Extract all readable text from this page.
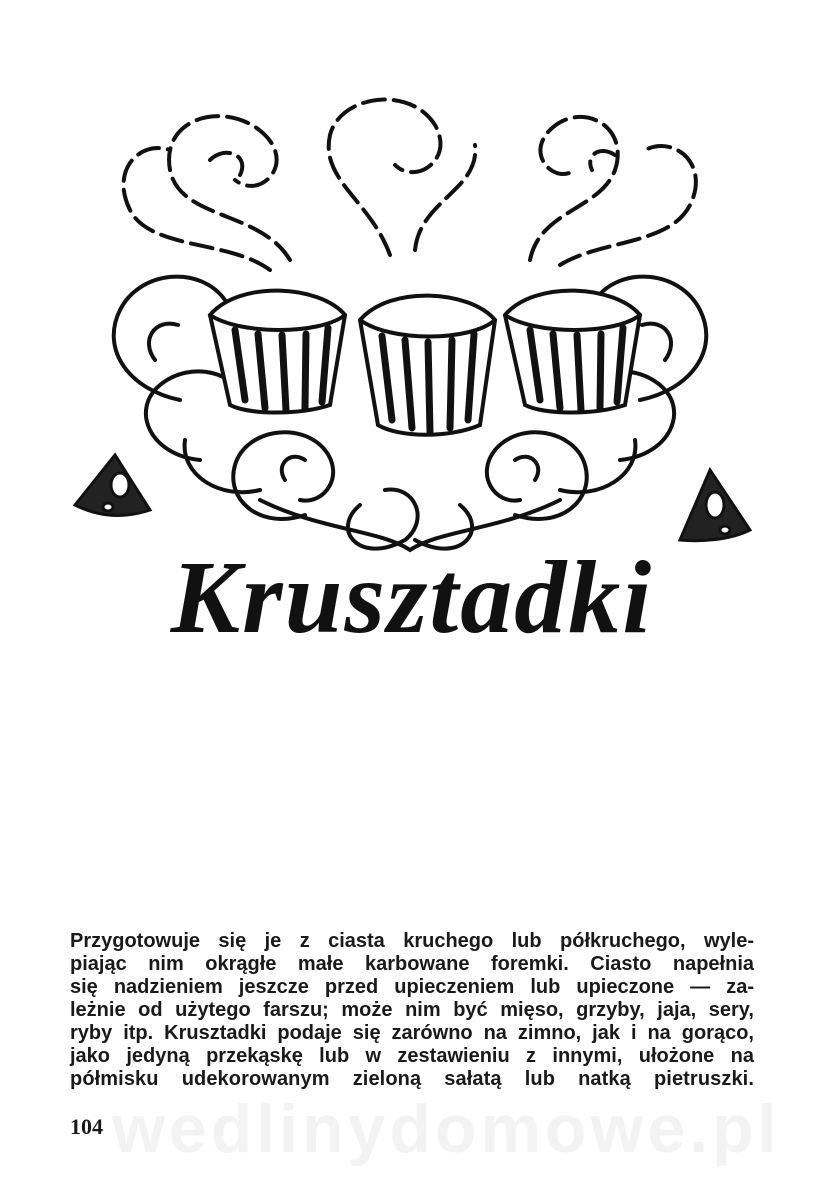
wedlinydomowe.pl
Krusztadki
Przygotowuje się je z ciasta kruchego lub półkruchego, wyle-
piając nim okrągłe małe karbowane foremki. Ciasto napełnia
się nadzieniem jeszcze przed upieczeniem lub upieczone — za-
leżnie od użytego farszu; może nim być mięso, grzyby, jaja, sery,
ryby itp. Krusztadki podaje się zarówno na zimno, jak i na gorąco,
jako jedyną przekąskę lub w zestawieniu z innymi, ułożone na
półmisku udekorowanym zieloną sałatą lub natką pietruszki.
104
